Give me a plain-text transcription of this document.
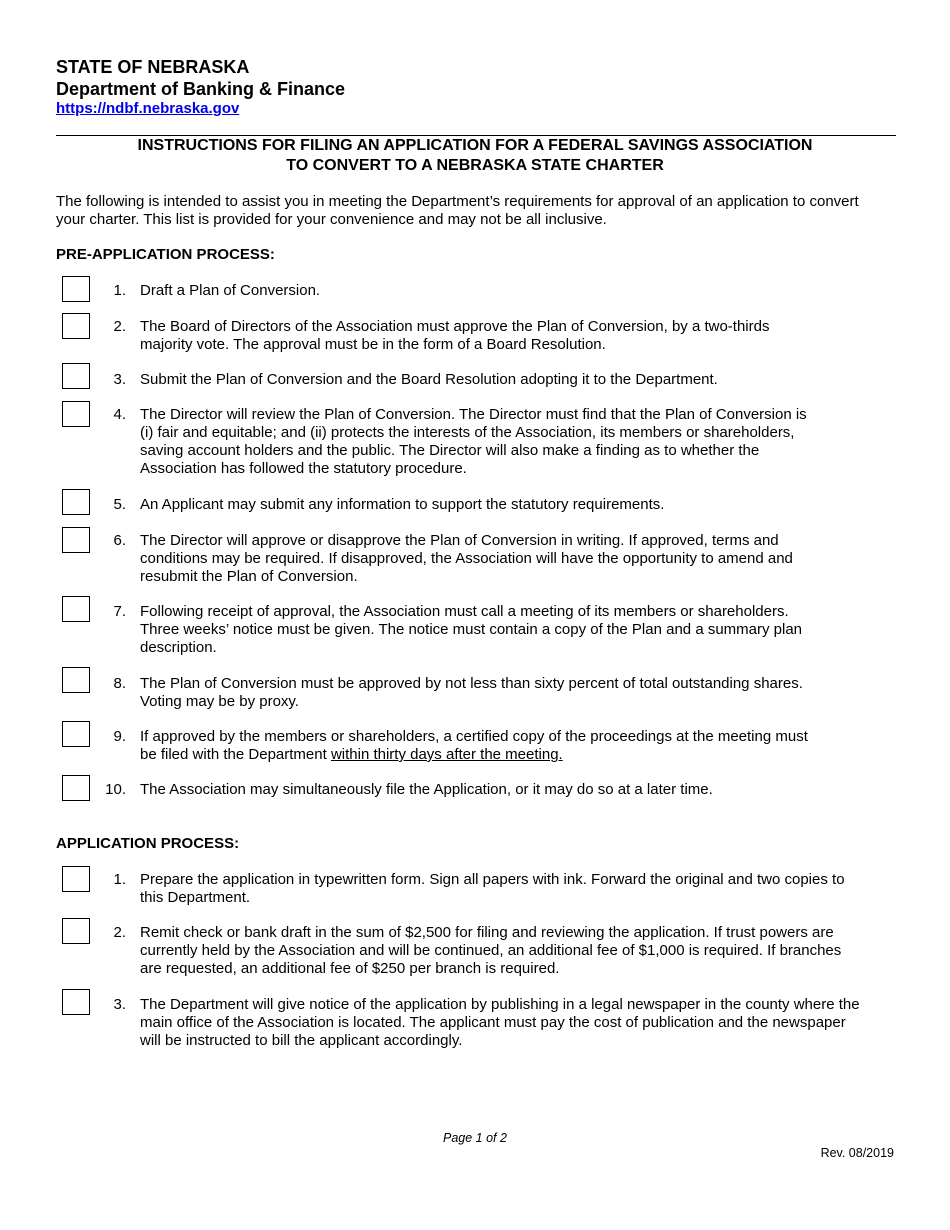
STATE OF NEBRASKA
Department of Banking & Finance
https://ndbf.nebraska.gov
INSTRUCTIONS FOR FILING AN APPLICATION FOR A FEDERAL SAVINGS ASSOCIATION
TO CONVERT TO A NEBRASKA STATE CHARTER
The following is intended to assist you in meeting the Department’s requirements for approval of an application to convert
your charter. This list is provided for your convenience and may not be all inclusive.
PRE-APPLICATION PROCESS:
1. Draft a Plan of Conversion.
2. The Board of Directors of the Association must approve the Plan of Conversion, by a two-thirds
majority vote. The approval must be in the form of a Board Resolution.
3. Submit the Plan of Conversion and the Board Resolution adopting it to the Department.
4. The Director will review the Plan of Conversion. The Director must find that the Plan of Conversion is
(i) fair and equitable; and (ii) protects the interests of the Association, its members or shareholders,
saving account holders and the public. The Director will also make a finding as to whether the
Association has followed the statutory procedure.
5. An Applicant may submit any information to support the statutory requirements.
6. The Director will approve or disapprove the Plan of Conversion in writing. If approved, terms and
conditions may be required. If disapproved, the Association will have the opportunity to amend and
resubmit the Plan of Conversion.
7. Following receipt of approval, the Association must call a meeting of its members or shareholders.
Three weeks’ notice must be given. The notice must contain a copy of the Plan and a summary plan
description.
8. The Plan of Conversion must be approved by not less than sixty percent of total outstanding shares.
Voting may be by proxy.
9. If approved by the members or shareholders, a certified copy of the proceedings at the meeting must
be filed with the Department within thirty days after the meeting.
10. The Association may simultaneously file the Application, or it may do so at a later time.
APPLICATION PROCESS:
1. Prepare the application in typewritten form. Sign all papers with ink. Forward the original and two copies to
this Department.
2. Remit check or bank draft in the sum of $2,500 for filing and reviewing the application. If trust powers are
currently held by the Association and will be continued, an additional fee of $1,000 is required. If branches
are requested, an additional fee of $250 per branch is required.
3. The Department will give notice of the application by publishing in a legal newspaper in the county where the
main office of the Association is located. The applicant must pay the cost of publication and the newspaper
will be instructed to bill the applicant accordingly.
Page 1 of 2
Rev. 08/2019
